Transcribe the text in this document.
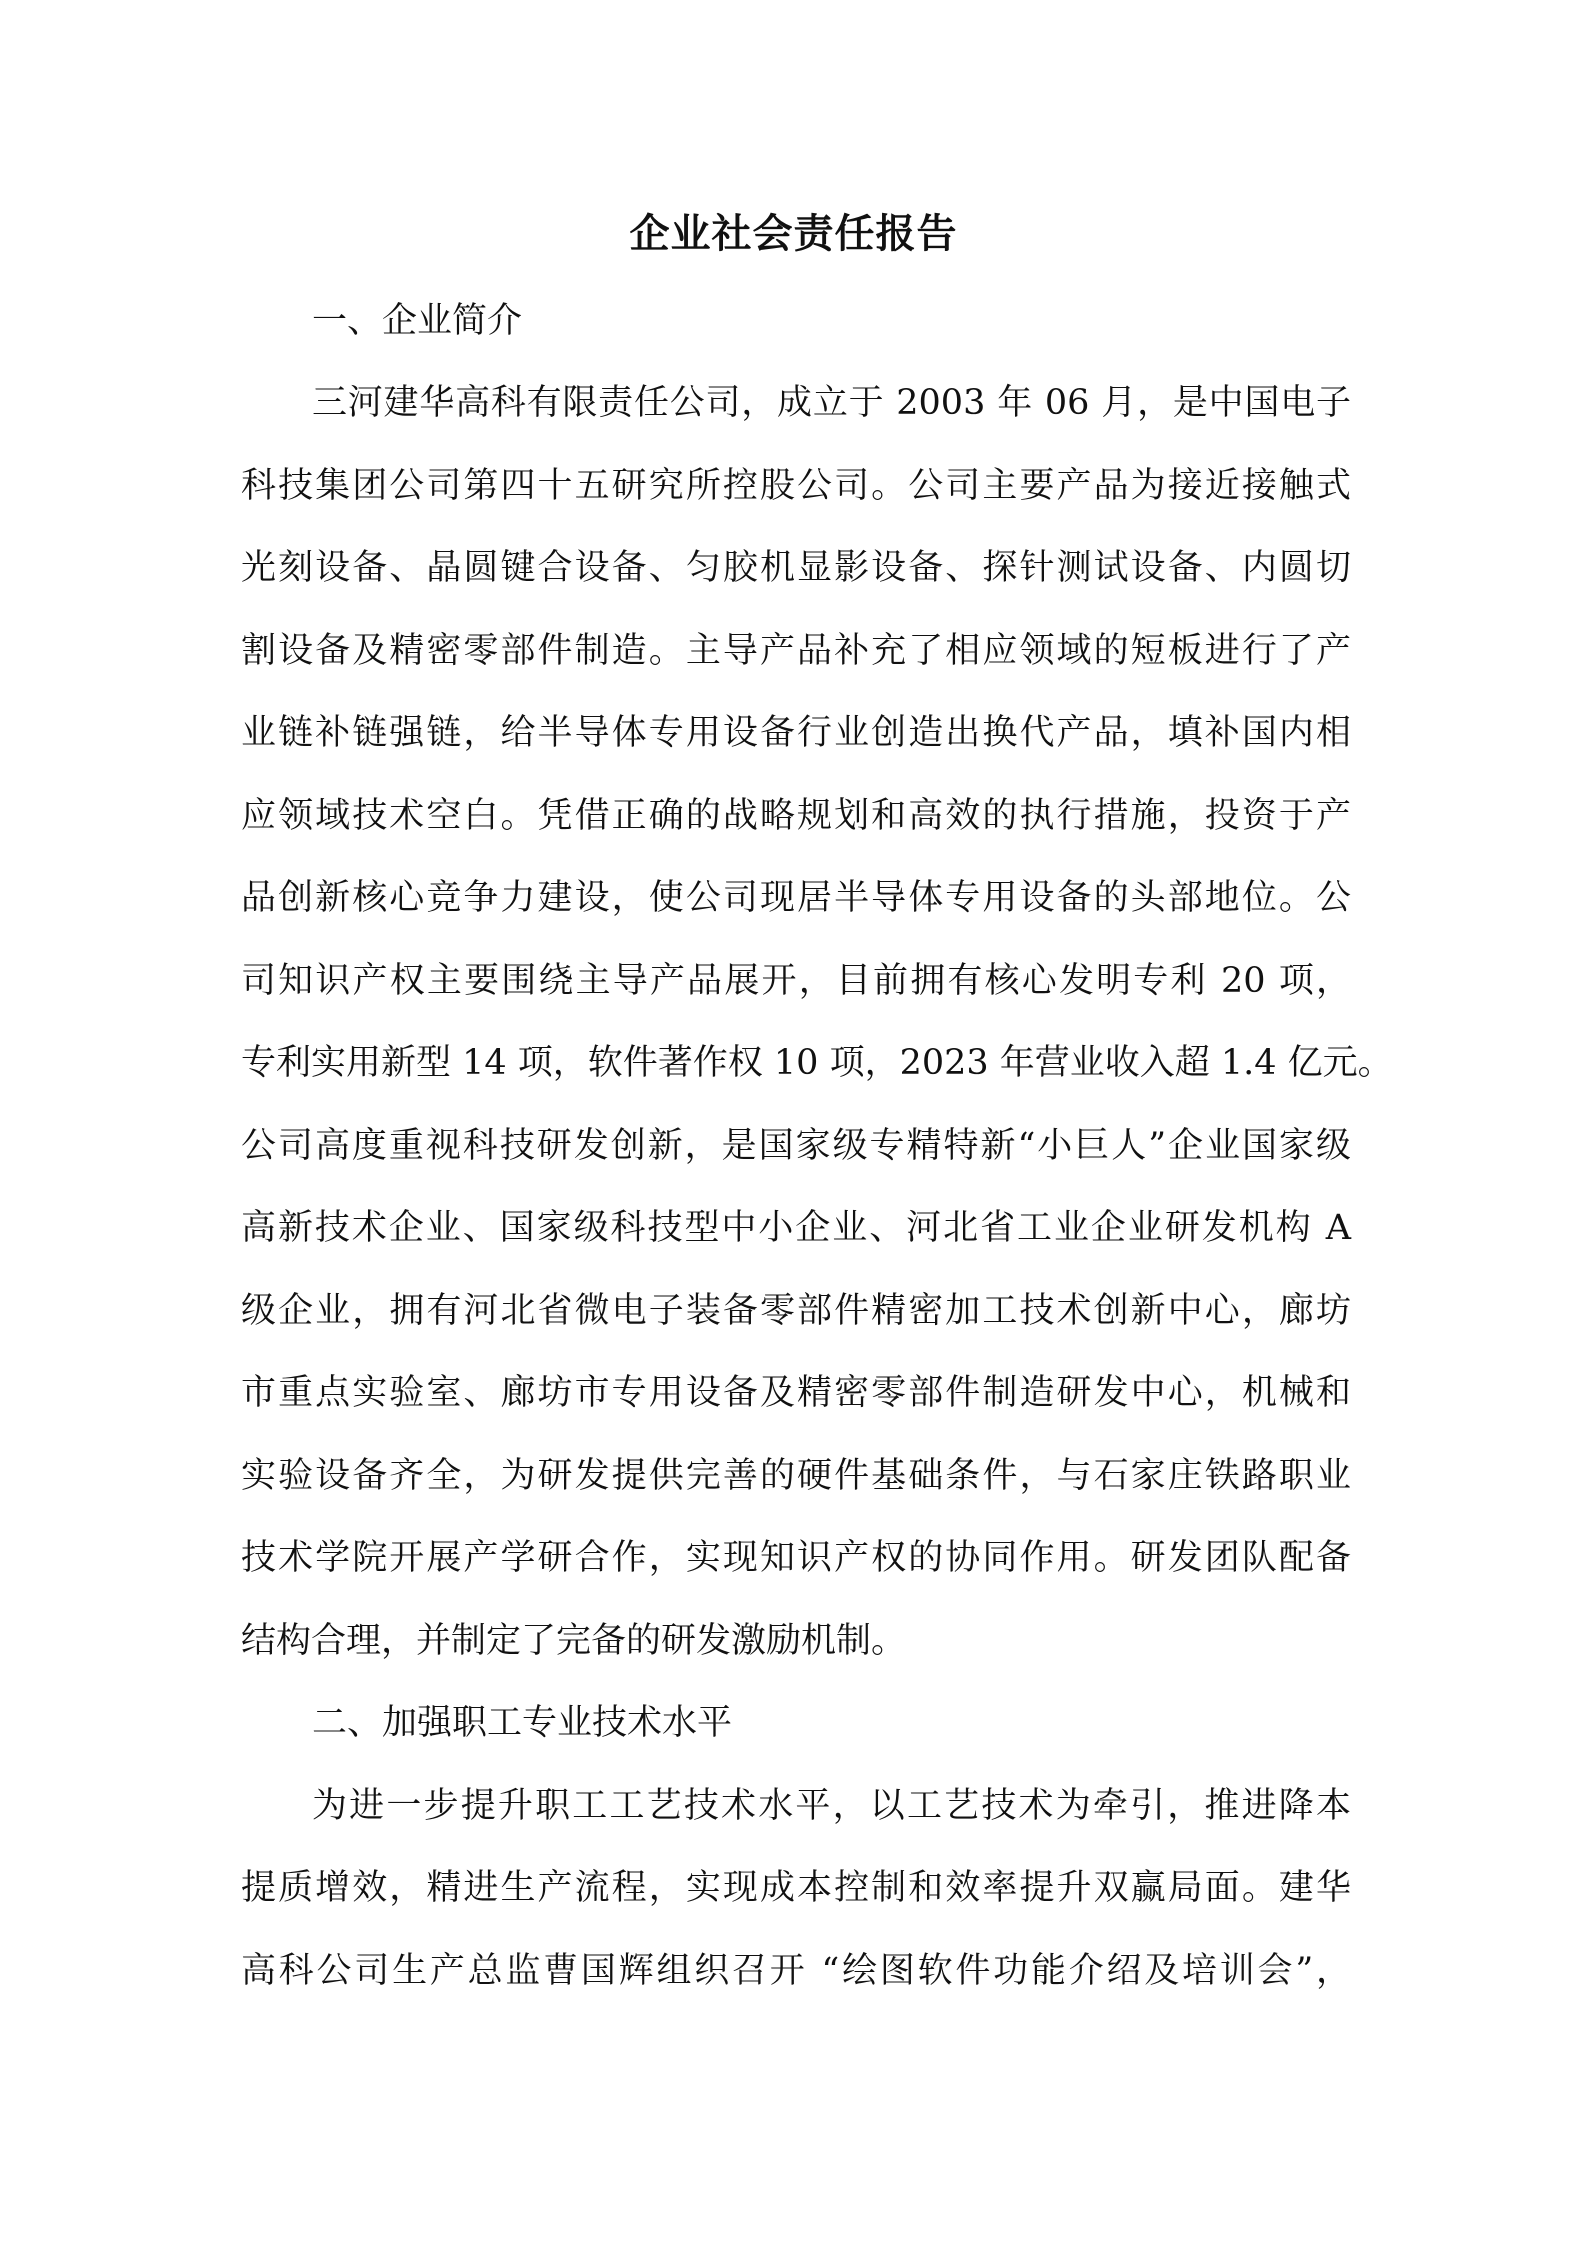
企业社会责任报告
一、企业简介
三河建华高科有限责任公司，成立于 2003 年 06 月，是中国电子
科技集团公司第四十五研究所控股公司。公司主要产品为接近接触式
光刻设备、晶圆键合设备、匀胶机显影设备、探针测试设备、内圆切
割设备及精密零部件制造。主导产品补充了相应领域的短板进行了产
业链补链强链，给半导体专用设备行业创造出换代产品，填补国内相
应领域技术空白。凭借正确的战略规划和高效的执行措施，投资于产
品创新核心竞争力建设，使公司现居半导体专用设备的头部地位。公
司知识产权主要围绕主导产品展开，目前拥有核心发明专利 20 项，
专利实用新型 14 项，软件著作权 10 项，2023 年营业收入超 1.4 亿元。
公司高度重视科技研发创新，是国家级专精特新“小巨人”企业国家级
高新技术企业、国家级科技型中小企业、河北省工业企业研发机构 A
级企业，拥有河北省微电子装备零部件精密加工技术创新中心，廊坊
市重点实验室、廊坊市专用设备及精密零部件制造研发中心，机械和
实验设备齐全，为研发提供完善的硬件基础条件，与石家庄铁路职业
技术学院开展产学研合作，实现知识产权的协同作用。研发团队配备
结构合理，并制定了完备的研发激励机制。
二、加强职工专业技术水平
为进一步提升职工工艺技术水平，以工艺技术为牵引，推进降本
提质增效，精进生产流程，实现成本控制和效率提升双赢局面。建华
高科公司生产总监曹国辉组织召开 “绘图软件功能介绍及培训会”，
